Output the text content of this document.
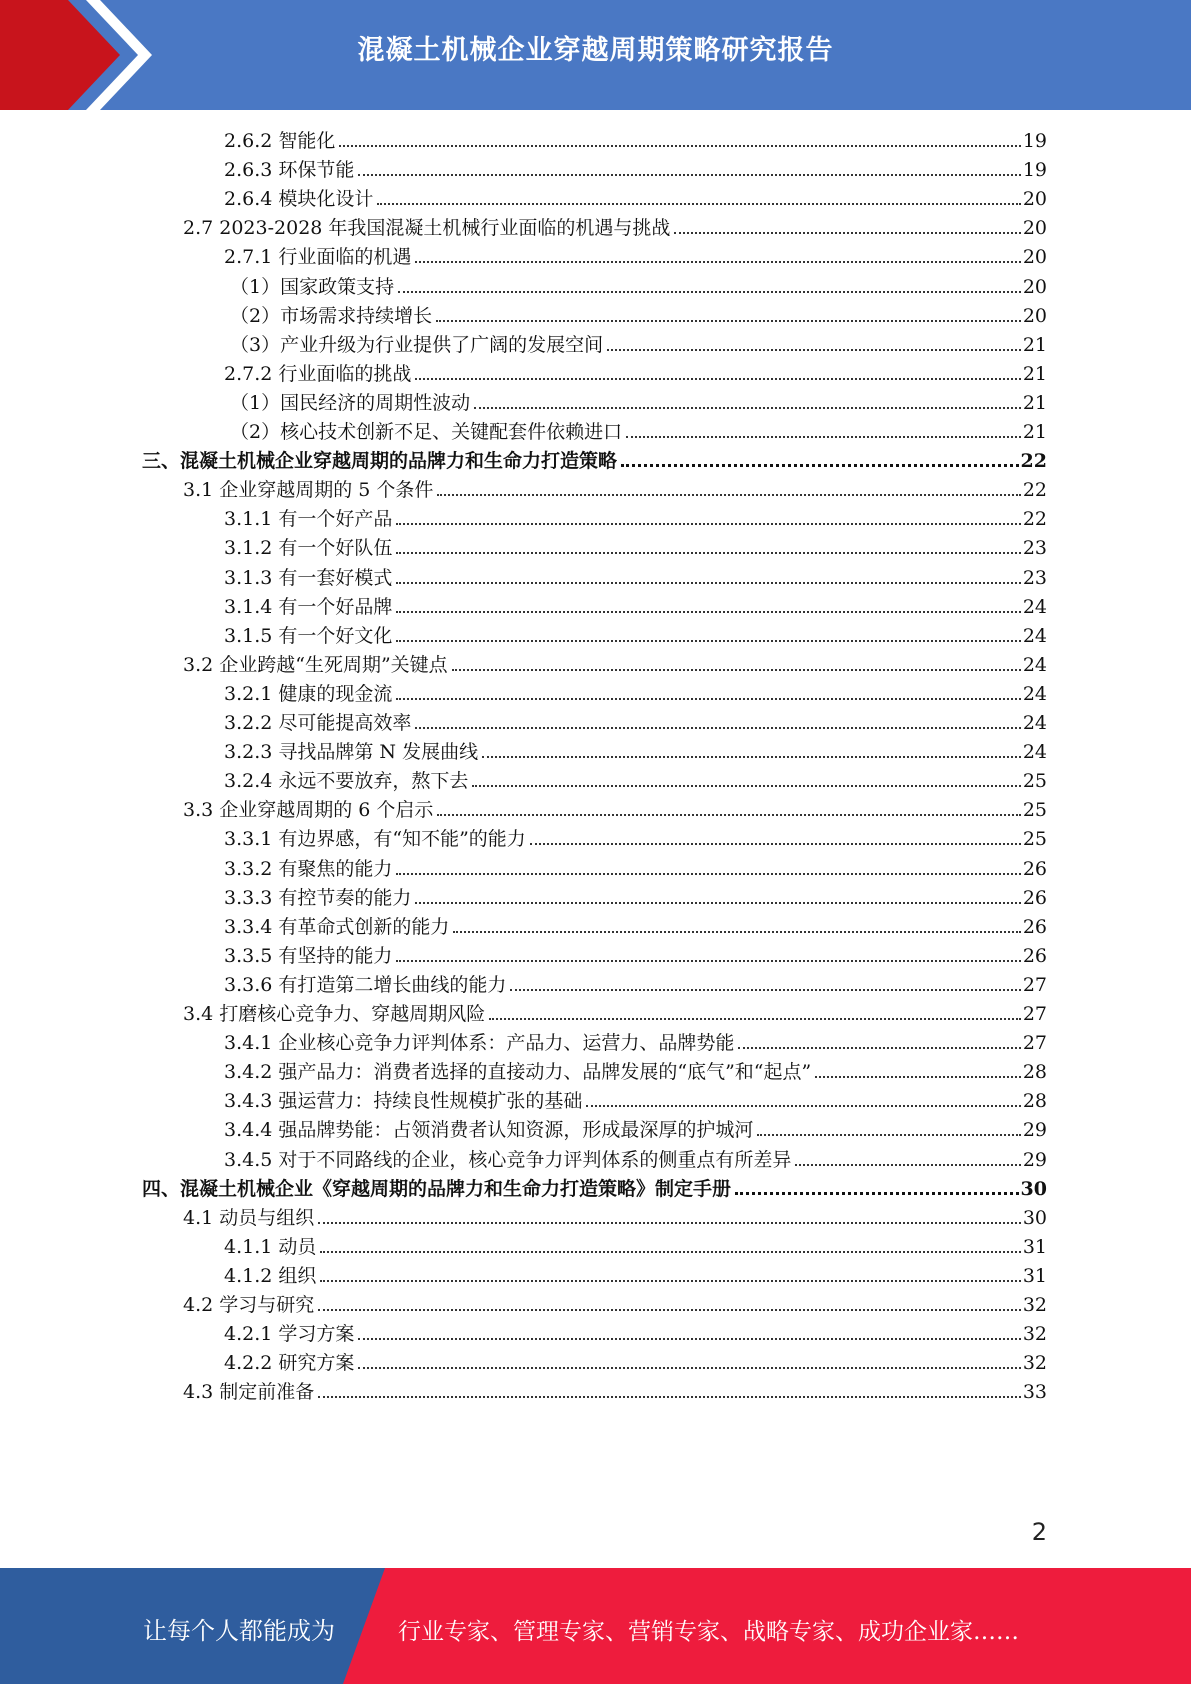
混凝土机械企业穿越周期策略研究报告
2.6.2 智能化	19
2.6.3 环保节能	19
2.6.4 模块化设计	20
2.7 2023-2028 年我国混凝土机械行业面临的机遇与挑战	20
2.7.1 行业面临的机遇	20
（1）国家政策支持	20
（2）市场需求持续增长	20
（3）产业升级为行业提供了广阔的发展空间	21
2.7.2 行业面临的挑战	21
（1）国民经济的周期性波动	21
（2）核心技术创新不足、关键配套件依赖进口	21
三、混凝土机械企业穿越周期的品牌力和生命力打造策略	22
3.1 企业穿越周期的 5 个条件	22
3.1.1 有一个好产品	22
3.1.2 有一个好队伍	23
3.1.3 有一套好模式	23
3.1.4 有一个好品牌	24
3.1.5 有一个好文化	24
3.2 企业跨越“生死周期”关键点	24
3.2.1 健康的现金流	24
3.2.2 尽可能提高效率	24
3.2.3 寻找品牌第 N 发展曲线	24
3.2.4 永远不要放弃，熬下去	25
3.3 企业穿越周期的 6 个启示	25
3.3.1 有边界感，有“知不能”的能力	25
3.3.2 有聚焦的能力	26
3.3.3 有控节奏的能力	26
3.3.4 有革命式创新的能力	26
3.3.5 有坚持的能力	26
3.3.6 有打造第二增长曲线的能力	27
3.4 打磨核心竞争力、穿越周期风险	27
3.4.1 企业核心竞争力评判体系：产品力、运营力、品牌势能	27
3.4.2 强产品力：消费者选择的直接动力、品牌发展的“底气”和“起点”	28
3.4.3 强运营力：持续良性规模扩张的基础	28
3.4.4 强品牌势能：占领消费者认知资源，形成最深厚的护城河	29
3.4.5 对于不同路线的企业，核心竞争力评判体系的侧重点有所差异	29
四、混凝土机械企业《穿越周期的品牌力和生命力打造策略》制定手册	30
4.1 动员与组织	30
4.1.1 动员	31
4.1.2 组织	31
4.2 学习与研究	32
4.2.1 学习方案	32
4.2.2 研究方案	32
4.3 制定前准备	33
2
让每个人都能成为	行业专家、管理专家、营销专家、战略专家、成功企业家……
